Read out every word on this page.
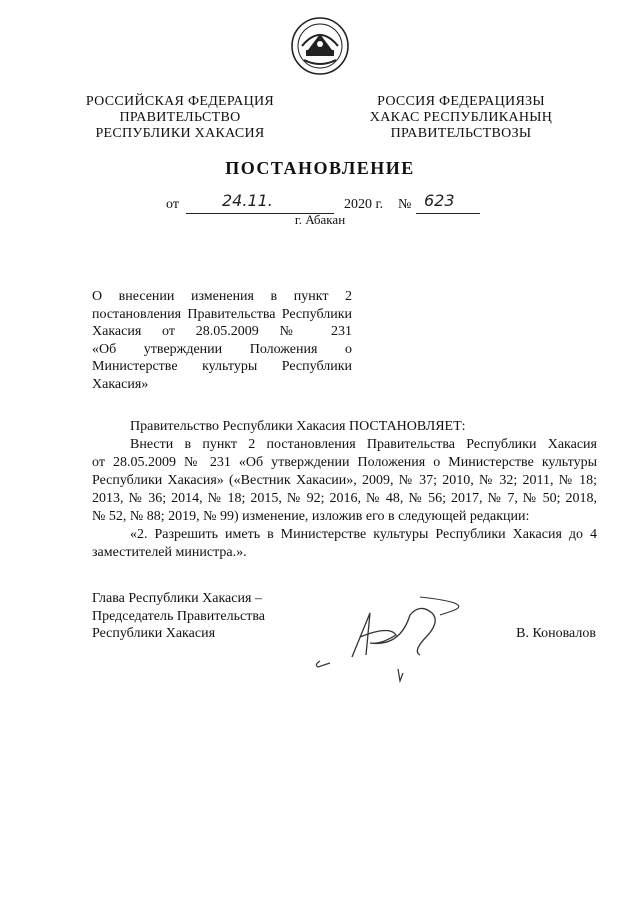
РОССИЙСКАЯ ФЕДЕРАЦИЯ
ПРАВИТЕЛЬСТВО
РЕСПУБЛИКИ ХАКАСИЯ
РОССИЯ ФЕДЕРАЦИЯЗЫ
ХАКАС РЕСПУБЛИКАНЫҢ
ПРАВИТЕЛЬСТВОЗЫ
ПОСТАНОВЛЕНИЕ
от	24.11.	2020 г. № 623
г. Абакан
О внесении изменения в пункт 2
постановления Правительства Республики
Хакасия от 28.05.2009 № 231
«Об утверждении Положения о
Министерстве культуры Республики
Хакасия»
Правительство Республики Хакасия ПОСТАНОВЛЯЕТ:
Внести в пункт 2 постановления Правительства Республики Хакасия
от 28.05.2009 № 231 «Об утверждении Положения о Министерстве культуры
Республики Хакасия» («Вестник Хакасии», 2009, № 37; 2010, № 32; 2011, № 18;
2013, № 36; 2014, № 18; 2015, № 92; 2016, № 48, № 56; 2017, № 7, № 50; 2018,
№ 52, № 88; 2019, № 99) изменение, изложив его в следующей редакции:
«2. Разрешить иметь в Министерстве культуры Республики Хакасия до 4
заместителей министра.».
Глава Республики Хакасия –
Председатель Правительства
Республики Хакасия	В. Коновалов
